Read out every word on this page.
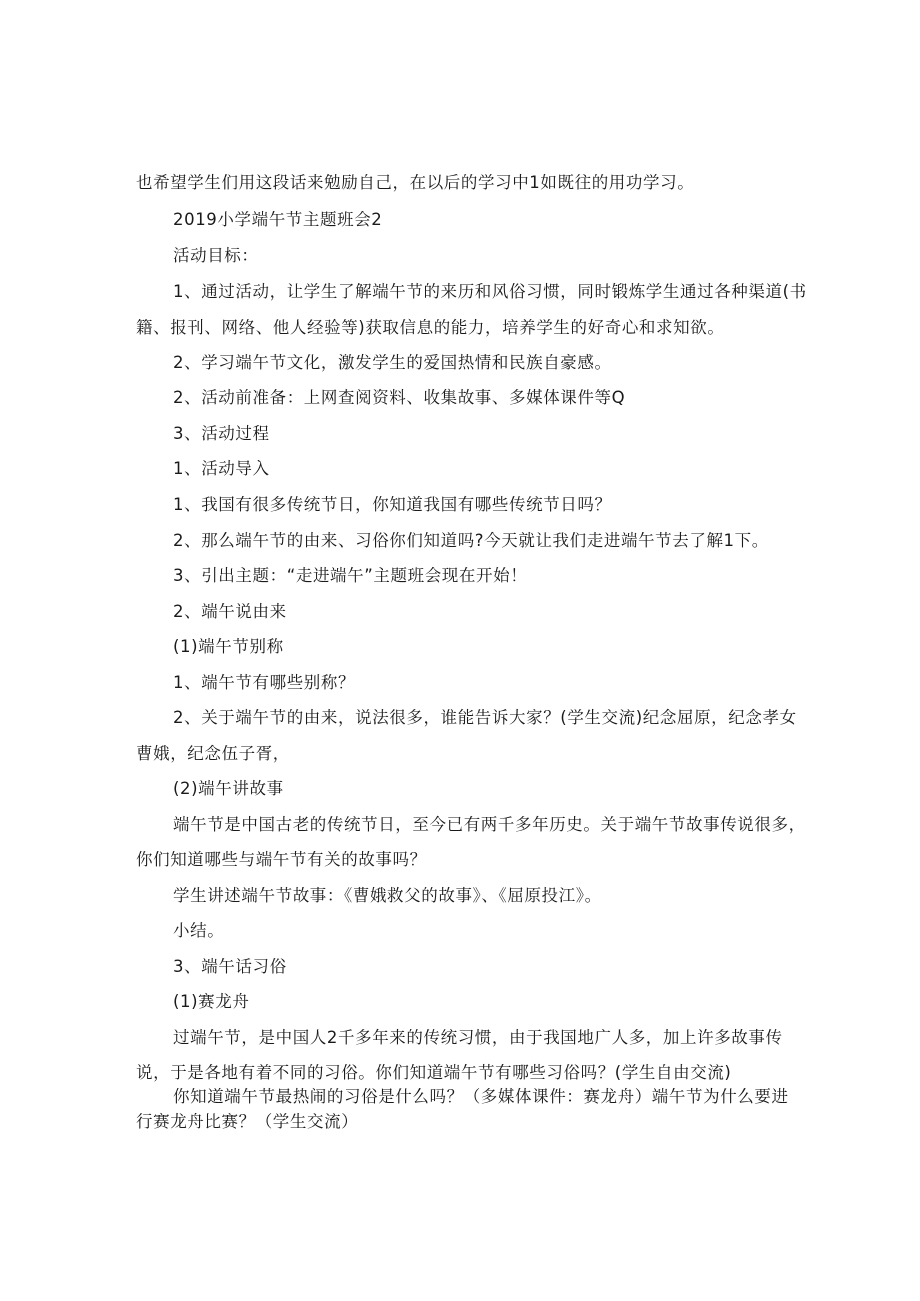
也希望学生们用这段话来勉励自己，在以后的学习中1如既往的用功学习。
2019小学端午节主题班会2
活动目标：
1、通过活动，让学生了解端午节的来历和风俗习惯，同时锻炼学生通过各种渠道(书
籍、报刊、网络、他人经验等)获取信息的能力，培养学生的好奇心和求知欲。
2、学习端午节文化，激发学生的爱国热情和民族自豪感。
2、活动前准备：上网查阅资料、收集故事、多媒体课件等Q
3、活动过程
1、活动导入
1、我国有很多传统节日，你知道我国有哪些传统节日吗？
2、那么端午节的由来、习俗你们知道吗?今天就让我们走进端午节去了解1下。
3、引出主题：“走进端午”主题班会现在开始！
2、端午说由来
(1)端午节别称
1、端午节有哪些别称？
2、关于端午节的由来，说法很多，谁能告诉大家？(学生交流)纪念屈原，纪念孝女
曹娥，纪念伍子胥，
(2)端午讲故事
端午节是中国古老的传统节日，至今已有两千多年历史。关于端午节故事传说很多，
你们知道哪些与端午节有关的故事吗？
学生讲述端午节故事：《曹娥救父的故事》、《屈原投江》。
小结。
3、端午话习俗
(1)赛龙舟
过端午节，是中国人2千多年来的传统习惯，由于我国地广人多，加上许多故事传
说，于是各地有着不同的习俗。你们知道端午节有哪些习俗吗？(学生自由交流)
你知道端午节最热闹的习俗是什么吗？（多媒体课件：赛龙舟）端午节为什么要进
行赛龙舟比赛？（学生交流）
